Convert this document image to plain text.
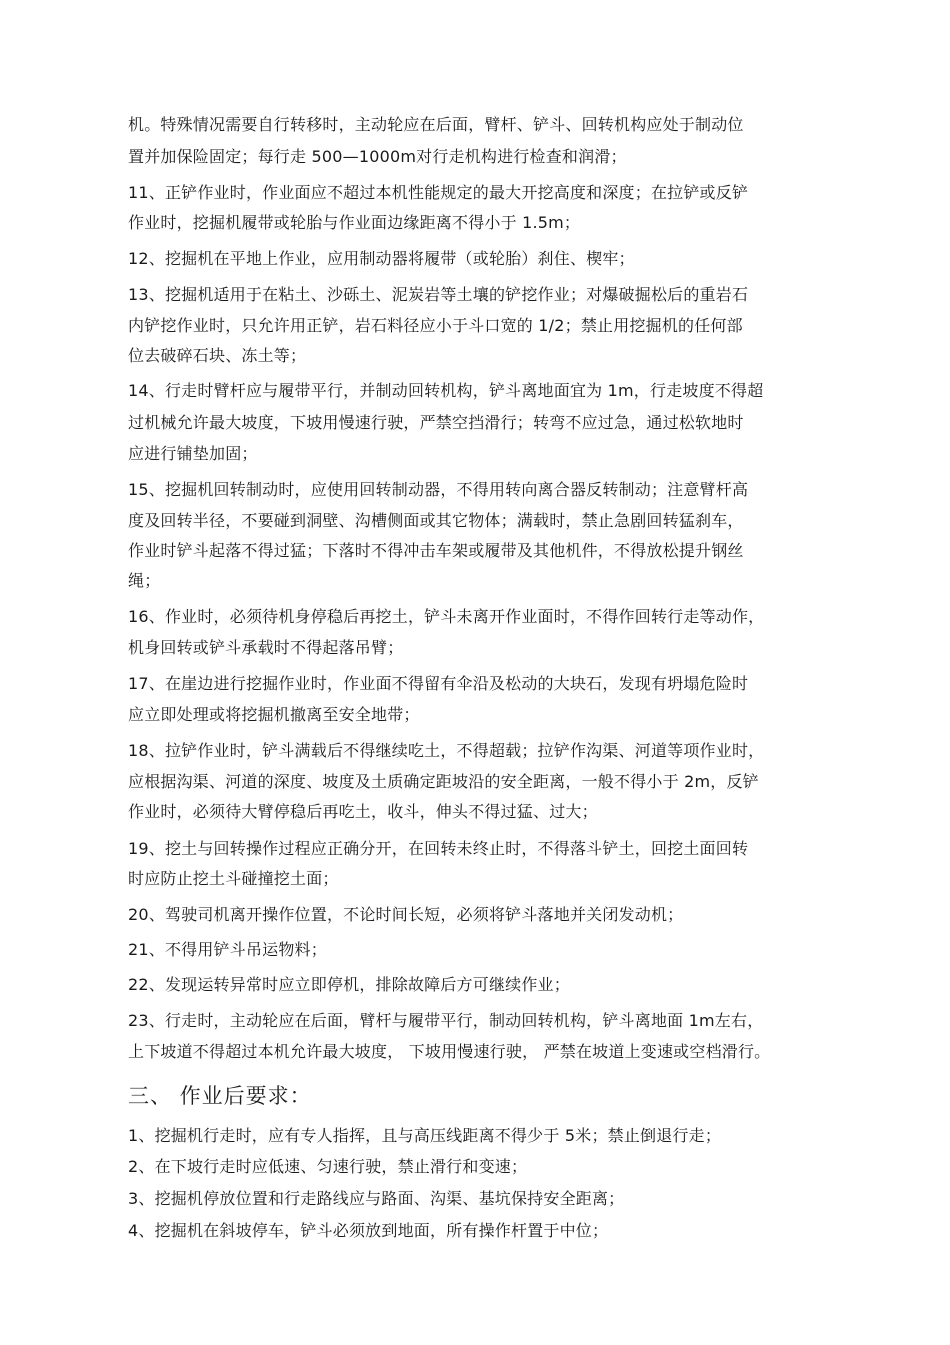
机。特殊情况需要自行转移时，主动轮应在后面，臂杆、铲斗、回转机构应处于制动位
置并加保险固定；每行走 500—1000m对行走机构进行检查和润滑；
11、正铲作业时，作业面应不超过本机性能规定的最大开挖高度和深度；在拉铲或反铲
作业时，挖掘机履带或轮胎与作业面边缘距离不得小于 1.5m；
12、挖掘机在平地上作业，应用制动器将履带（或轮胎）刹住、楔牢；
13、挖掘机适用于在粘土、沙砾土、泥炭岩等土壤的铲挖作业；对爆破掘松后的重岩石
内铲挖作业时，只允许用正铲，岩石料径应小于斗口宽的 1/2；禁止用挖掘机的任何部
位去破碎石块、冻土等；
14、行走时臂杆应与履带平行，并制动回转机构，铲斗离地面宜为 1m，行走坡度不得超
过机械允许最大坡度，下坡用慢速行驶，严禁空挡滑行；转弯不应过急，通过松软地时
应进行铺垫加固；
15、挖掘机回转制动时，应使用回转制动器，不得用转向离合器反转制动；注意臂杆高
度及回转半径，不要碰到洞壁、沟槽侧面或其它物体；满载时，禁止急剧回转猛刹车，
作业时铲斗起落不得过猛；下落时不得冲击车架或履带及其他机件，不得放松提升钢丝
绳；
16、作业时，必须待机身停稳后再挖土，铲斗未离开作业面时，不得作回转行走等动作，
机身回转或铲斗承载时不得起落吊臂；
17、在崖边进行挖掘作业时，作业面不得留有伞沿及松动的大块石，发现有坍塌危险时
应立即处理或将挖掘机撤离至安全地带；
18、拉铲作业时，铲斗满载后不得继续吃土，不得超载；拉铲作沟渠、河道等项作业时，
应根据沟渠、河道的深度、坡度及土质确定距坡沿的安全距离，一般不得小于 2m，反铲
作业时，必须待大臂停稳后再吃土，收斗，伸头不得过猛、过大；
19、挖土与回转操作过程应正确分开，在回转未终止时，不得落斗铲土，回挖土面回转
时应防止挖土斗碰撞挖土面；
20、驾驶司机离开操作位置，不论时间长短，必须将铲斗落地并关闭发动机；
21、不得用铲斗吊运物料；
22、发现运转异常时应立即停机，排除故障后方可继续作业；
23、行走时，主动轮应在后面，臂杆与履带平行，制动回转机构，铲斗离地面 1m左右，
上下坡道不得超过本机允许最大坡度， 下坡用慢速行驶， 严禁在坡道上变速或空档滑行。
三、 作业后要求：
1、挖掘机行走时，应有专人指挥，且与高压线距离不得少于 5米；禁止倒退行走；
2、在下坡行走时应低速、匀速行驶，禁止滑行和变速；
3、挖掘机停放位置和行走路线应与路面、沟渠、基坑保持安全距离；
4、挖掘机在斜坡停车，铲斗必须放到地面，所有操作杆置于中位；
